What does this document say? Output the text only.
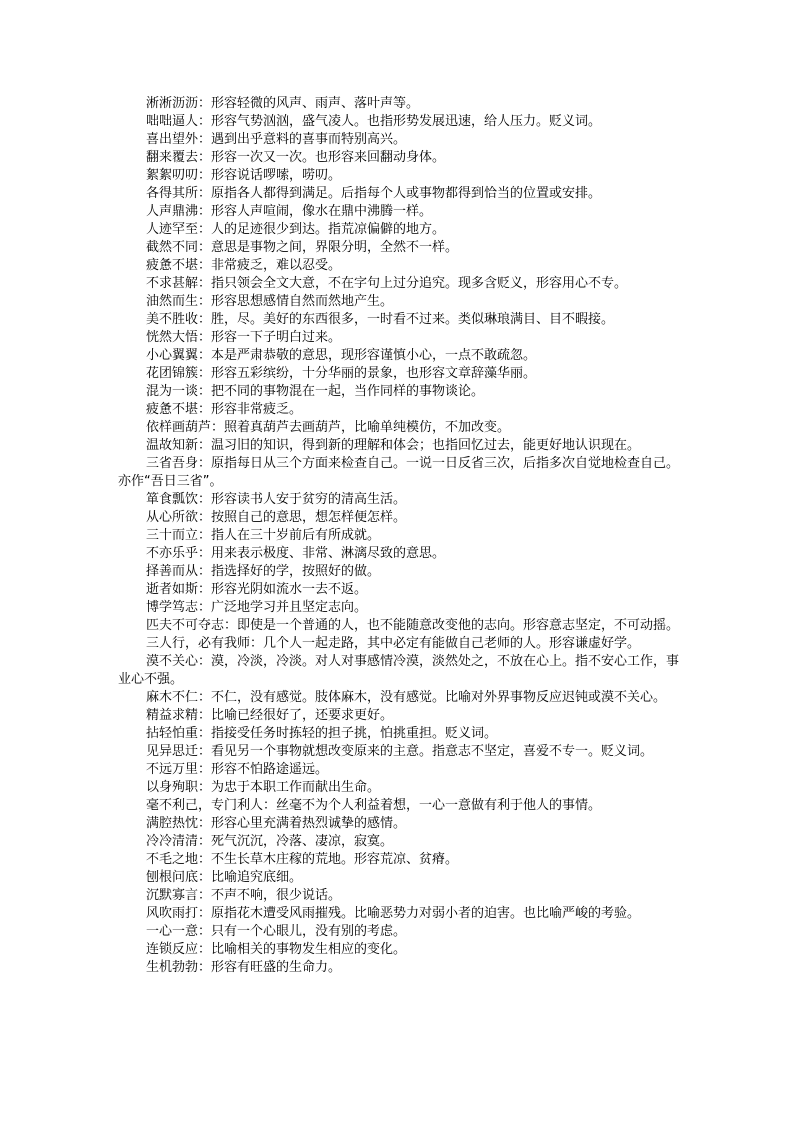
淅淅沥沥：形容轻微的风声、雨声、落叶声等。

咄咄逼人：形容气势汹汹，盛气凌人。也指形势发展迅速，给人压力。贬义词。

喜出望外：遇到出乎意料的喜事而特别高兴。

翻来覆去：形容一次又一次。也形容来回翻动身体。

絮絮叨叨：形容说话啰嗦，唠叨。

各得其所：原指各人都得到满足。后指每个人或事物都得到恰当的位置或安排。

人声鼎沸：形容人声喧闹，像水在鼎中沸腾一样。

人迹罕至：人的足迹很少到达。指荒凉偏僻的地方。

截然不同：意思是事物之间，界限分明，全然不一样。

疲惫不堪：非常疲乏，难以忍受。

不求甚解：指只领会全文大意，不在字句上过分追究。现多含贬义，形容用心不专。

油然而生：形容思想感情自然而然地产生。

美不胜收：胜，尽。美好的东西很多，一时看不过来。类似琳琅满目、目不暇接。

恍然大悟：形容一下子明白过来。

小心翼翼：本是严肃恭敬的意思，现形容谨慎小心，一点不敢疏忽。

花团锦簇：形容五彩缤纷，十分华丽的景象，也形容文章辞藻华丽。

混为一谈：把不同的事物混在一起，当作同样的事物谈论。

疲惫不堪：形容非常疲乏。

依样画葫芦：照着真葫芦去画葫芦，比喻单纯模仿，不加改变。

温故知新：温习旧的知识，得到新的理解和体会；也指回忆过去，能更好地认识现在。

三省吾身：原指每日从三个方面来检查自己。一说一日反省三次，后指多次自觉地检查自己。亦作“吾日三省”。

箪食瓢饮：形容读书人安于贫穷的清高生活。

从心所欲：按照自己的意思，想怎样便怎样。

三十而立：指人在三十岁前后有所成就。

不亦乐乎：用来表示极度、非常、淋漓尽致的意思。

择善而从：指选择好的学，按照好的做。

逝者如斯：形容光阴如流水一去不返。

博学笃志：广泛地学习并且坚定志向。

匹夫不可夺志：即使是一个普通的人，也不能随意改变他的志向。形容意志坚定，不可动摇。

三人行，必有我师：几个人一起走路，其中必定有能做自己老师的人。形容谦虚好学。

漠不关心：漠，冷淡，冷淡。对人对事感情冷漠，淡然处之，不放在心上。指不安心工作，事业心不强。

麻木不仁：不仁，没有感觉。肢体麻木，没有感觉。比喻对外界事物反应迟钝或漠不关心。

精益求精：比喻已经很好了，还要求更好。

拈轻怕重：指接受任务时拣轻的担子挑，怕挑重担。贬义词。

见异思迁：看见另一个事物就想改变原来的主意。指意志不坚定，喜爱不专一。贬义词。

不远万里：形容不怕路途遥远。

以身殉职：为忠于本职工作而献出生命。

毫不利己，专门利人：丝毫不为个人利益着想，一心一意做有利于他人的事情。

满腔热忱：形容心里充满着热烈诚挚的感情。

冷冷清清：死气沉沉，冷落、凄凉，寂寞。

不毛之地：不生长草木庄稼的荒地。形容荒凉、贫瘠。

刨根问底：比喻追究底细。

沉默寡言：不声不响，很少说话。

风吹雨打：原指花木遭受风雨摧残。比喻恶势力对弱小者的迫害。也比喻严峻的考验。

一心一意：只有一个心眼儿，没有别的考虑。

连锁反应：比喻相关的事物发生相应的变化。

生机勃勃：形容有旺盛的生命力。
